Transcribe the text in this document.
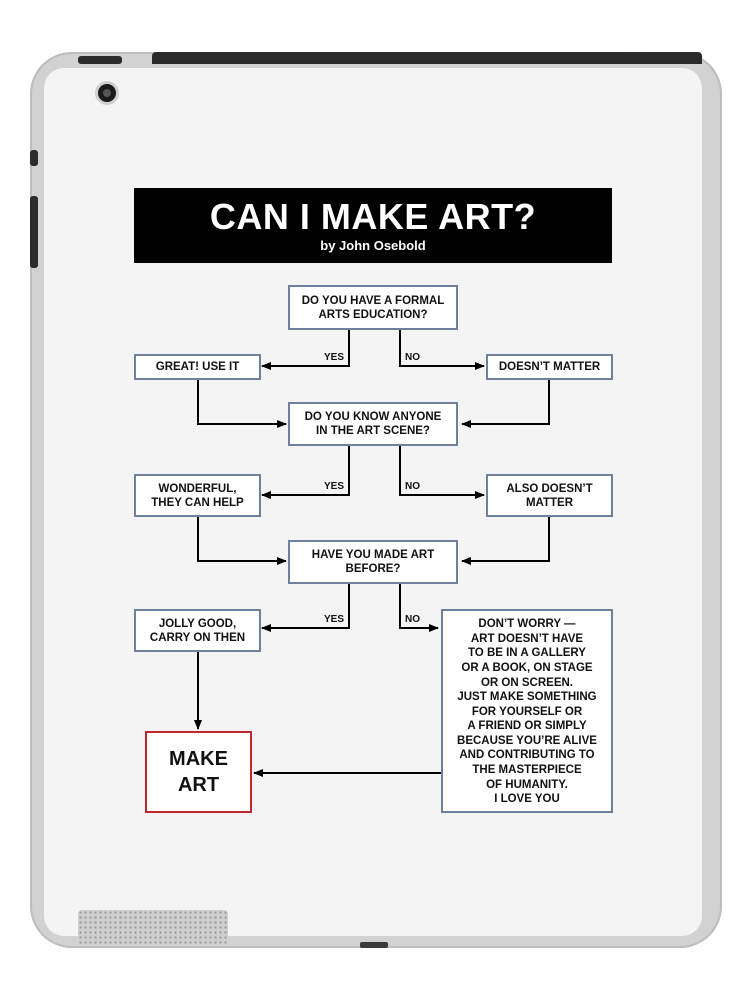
CAN I MAKE ART?
by John Osebold
DO YOU HAVE A FORMAL
ARTS EDUCATION?
GREAT! USE IT	DOESN’T MATTER
DO YOU KNOW ANYONE
IN THE ART SCENE?
WONDERFUL,
THEY CAN HELP
ALSO DOESN’T
MATTER
HAVE YOU MADE ART
BEFORE?
JOLLY GOOD,
CARRY ON THEN
DON’T WORRY —
ART DOESN’T HAVE
TO BE IN A GALLERY
OR A BOOK, ON STAGE
OR ON SCREEN.
JUST MAKE SOMETHING
FOR YOURSELF OR
A FRIEND OR SIMPLY
BECAUSE YOU’RE ALIVE
AND CONTRIBUTING TO
THE MASTERPIECE
OF HUMANITY.
I LOVE YOU
MAKE
ART
YES	NO
YES	NO
YES	NO
